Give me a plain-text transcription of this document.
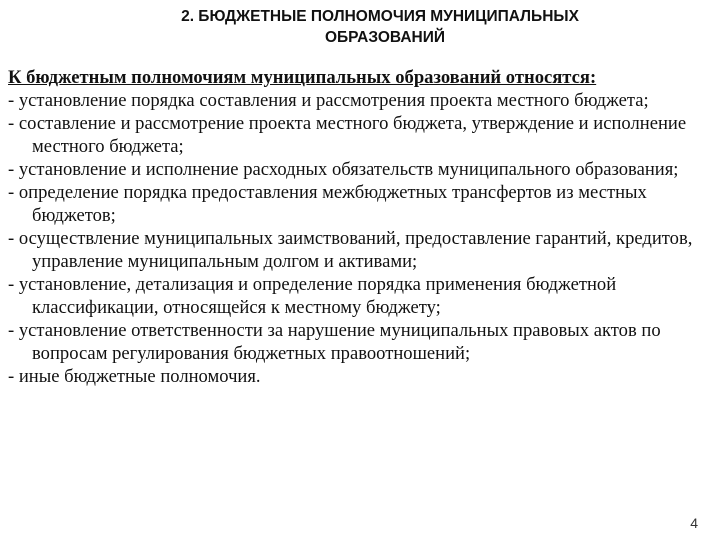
2. БЮДЖЕТНЫЕ ПОЛНОМОЧИЯ МУНИЦИПАЛЬНЫХ
ОБРАЗОВАНИЙ

К бюджетным полномочиям муниципальных образований относятся:

- установление порядка составления и рассмотрения проекта местного бюджета;
- составление и рассмотрение проекта местного бюджета, утверждение и исполнение местного бюджета;
- установление и исполнение расходных обязательств муниципального образования;
- определение порядка предоставления межбюджетных трансфертов из местных бюджетов;
- осуществление муниципальных заимствований, предоставление гарантий, кредитов, управление муниципальным долгом и активами;
- установление, детализация и определение порядка применения бюджетной классификации, относящейся к местному бюджету;
- установление ответственности за нарушение муниципальных правовых актов по вопросам регулирования бюджетных правоотношений;
- иные бюджетные полномочия.
4
